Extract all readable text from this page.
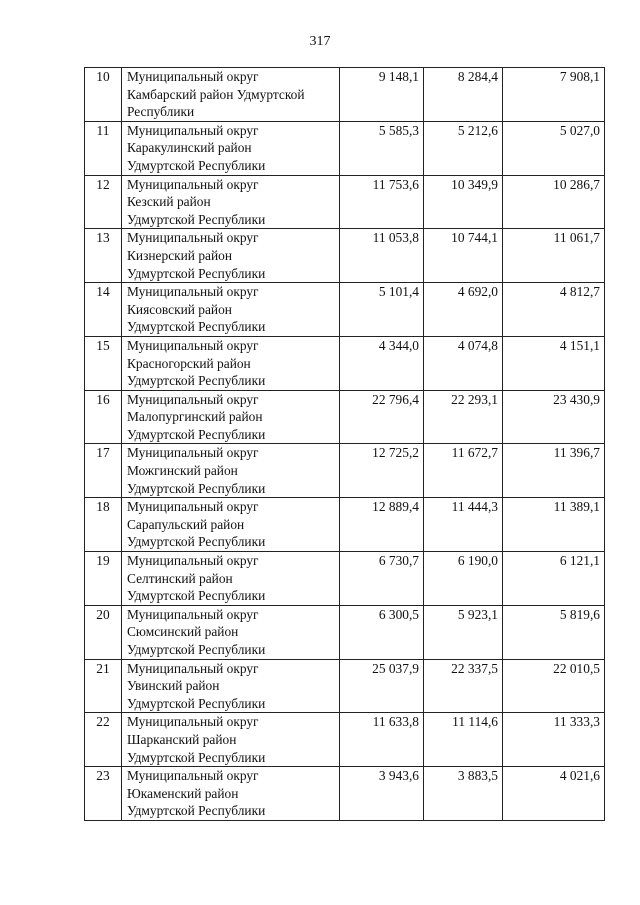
317
10	Муниципальный округ
Камбарский район Удмуртской
Республики	9 148,1	8 284,4	7 908,1
11	Муниципальный округ
Каракулинский район
Удмуртской Республики	5 585,3	5 212,6	5 027,0
12	Муниципальный округ
Кезский район
Удмуртской Республики	11 753,6	10 349,9	10 286,7
13	Муниципальный округ
Кизнерский район
Удмуртской Республики	11 053,8	10 744,1	11 061,7
14	Муниципальный округ
Киясовский район
Удмуртской Республики	5 101,4	4 692,0	4 812,7
15	Муниципальный округ
Красногорский район
Удмуртской Республики	4 344,0	4 074,8	4 151,1
16	Муниципальный округ
Малопургинский район
Удмуртской Республики	22 796,4	22 293,1	23 430,9
17	Муниципальный округ
Можгинский район
Удмуртской Республики	12 725,2	11 672,7	11 396,7
18	Муниципальный округ
Сарапульский район
Удмуртской Республики	12 889,4	11 444,3	11 389,1
19	Муниципальный округ
Селтинский район
Удмуртской Республики	6 730,7	6 190,0	6 121,1
20	Муниципальный округ
Сюмсинский район
Удмуртской Республики	6 300,5	5 923,1	5 819,6
21	Муниципальный округ
Увинский район
Удмуртской Республики	25 037,9	22 337,5	22 010,5
22	Муниципальный округ
Шарканский район
Удмуртской Республики	11 633,8	11 114,6	11 333,3
23	Муниципальный округ
Юкаменский район
Удмуртской Республики	3 943,6	3 883,5	4 021,6
